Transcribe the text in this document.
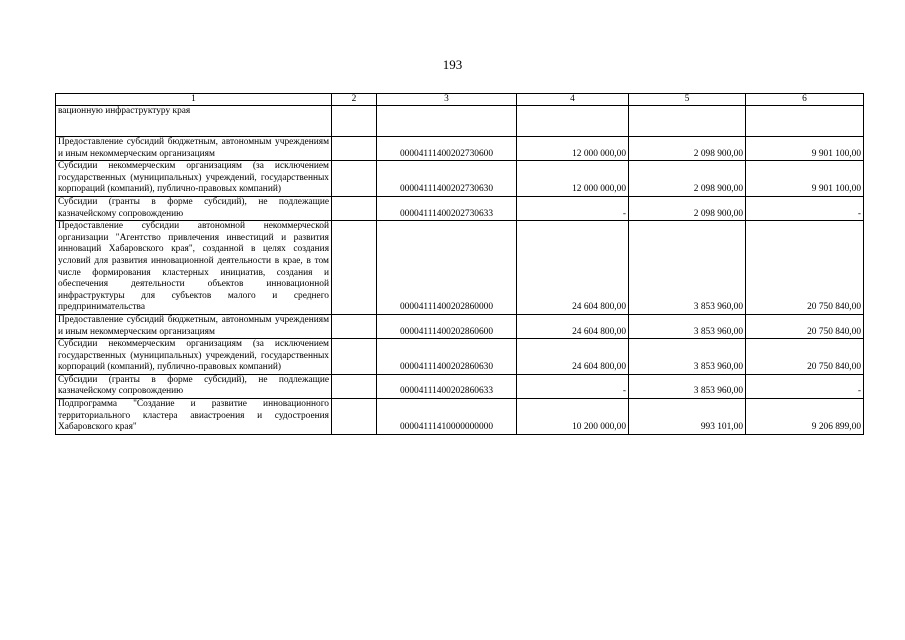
193
1	2	3	4	5	6
вационную инфраструктуру края					
Предоставление субсидий бюджетным, автономным учреждениям и иным некоммерческим организациям		00004111400202730600	12 000 000,00	2 098 900,00	9 901 100,00
Субсидии некоммерческим организациям (за исключением государственных (муниципальных) учреждений, государственных корпораций (компаний), публично-правовых компаний)		00004111400202730630	12 000 000,00	2 098 900,00	9 901 100,00
Субсидии (гранты в форме субсидий), не подлежащие казначейскому сопровождению		00004111400202730633	-	2 098 900,00	-
Предоставление субсидии автономной некоммерческой организации "Агентство привлечения инвестиций и развития инноваций Хабаровского края", созданной в целях создания условий для развития инновационной деятельности в крае, в том числе формирования кластерных инициатив, создания и обеспечения деятельности объектов инновационной инфраструктуры для субъектов малого и среднего предпринимательства		00004111400202860000	24 604 800,00	3 853 960,00	20 750 840,00
Предоставление субсидий бюджетным, автономным учреждениям и иным некоммерческим организациям		00004111400202860600	24 604 800,00	3 853 960,00	20 750 840,00
Субсидии некоммерческим организациям (за исключением государственных (муниципальных) учреждений, государственных корпораций (компаний), публично-правовых компаний)		00004111400202860630	24 604 800,00	3 853 960,00	20 750 840,00
Субсидии (гранты в форме субсидий), не подлежащие казначейскому сопровождению		00004111400202860633	-	3 853 960,00	-
Подпрограмма "Создание и развитие инновационного территориального кластера авиастроения и судостроения Хабаровского края"		00004111410000000000	10 200 000,00	993 101,00	9 206 899,00
